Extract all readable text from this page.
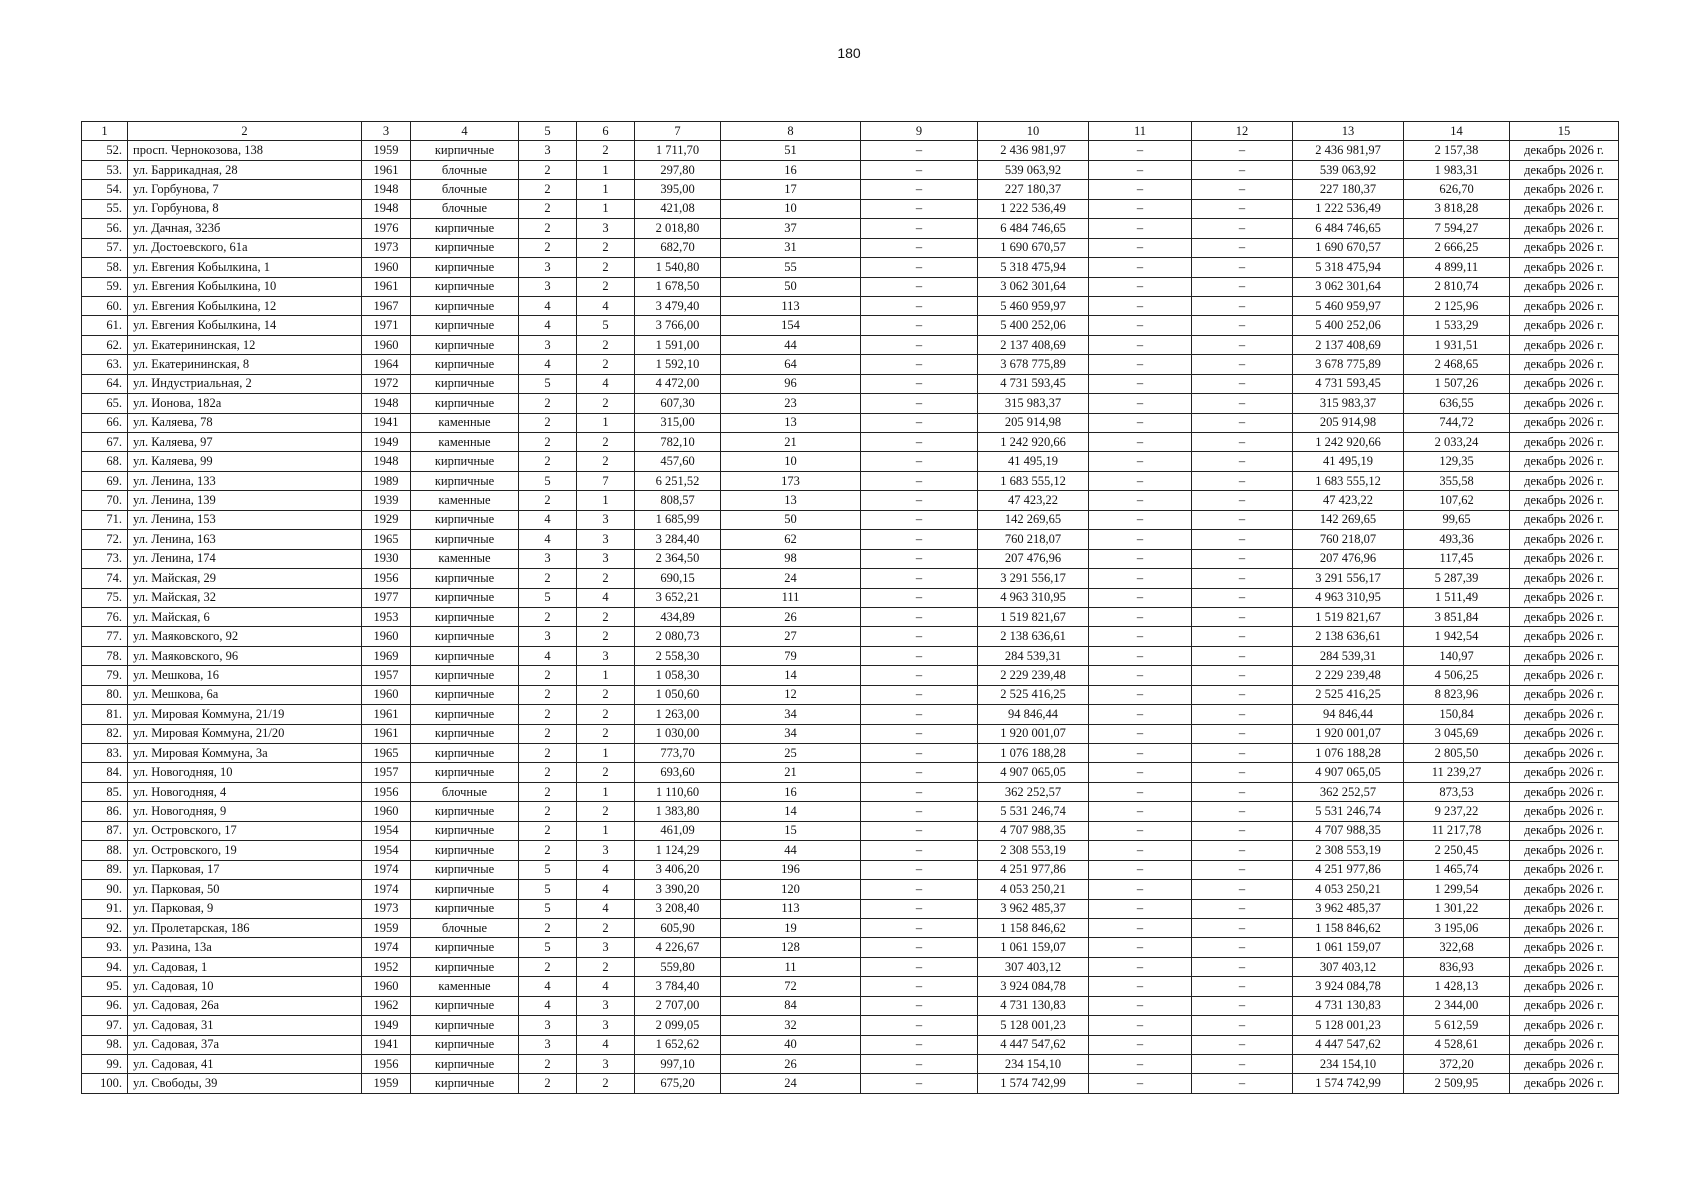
180
1	2	3	4	5	6	7	8	9	10	11	12	13	14	15
52.	просп. Чернокозова, 138	1959	кирпичные	3	2	1 711,70	51	–	2 436 981,97	–	–	2 436 981,97	2 157,38	декабрь 2026 г.
53.	ул. Баррикадная, 28	1961	блочные	2	1	297,80	16	–	539 063,92	–	–	539 063,92	1 983,31	декабрь 2026 г.
54.	ул. Горбунова, 7	1948	блочные	2	1	395,00	17	–	227 180,37	–	–	227 180,37	626,70	декабрь 2026 г.
55.	ул. Горбунова, 8	1948	блочные	2	1	421,08	10	–	1 222 536,49	–	–	1 222 536,49	3 818,28	декабрь 2026 г.
56.	ул. Дачная, 323б	1976	кирпичные	2	3	2 018,80	37	–	6 484 746,65	–	–	6 484 746,65	7 594,27	декабрь 2026 г.
57.	ул. Достоевского, 61а	1973	кирпичные	2	2	682,70	31	–	1 690 670,57	–	–	1 690 670,57	2 666,25	декабрь 2026 г.
58.	ул. Евгения Кобылкина, 1	1960	кирпичные	3	2	1 540,80	55	–	5 318 475,94	–	–	5 318 475,94	4 899,11	декабрь 2026 г.
59.	ул. Евгения Кобылкина, 10	1961	кирпичные	3	2	1 678,50	50	–	3 062 301,64	–	–	3 062 301,64	2 810,74	декабрь 2026 г.
60.	ул. Евгения Кобылкина, 12	1967	кирпичные	4	4	3 479,40	113	–	5 460 959,97	–	–	5 460 959,97	2 125,96	декабрь 2026 г.
61.	ул. Евгения Кобылкина, 14	1971	кирпичные	4	5	3 766,00	154	–	5 400 252,06	–	–	5 400 252,06	1 533,29	декабрь 2026 г.
62.	ул. Екатерининская, 12	1960	кирпичные	3	2	1 591,00	44	–	2 137 408,69	–	–	2 137 408,69	1 931,51	декабрь 2026 г.
63.	ул. Екатерининская, 8	1964	кирпичные	4	2	1 592,10	64	–	3 678 775,89	–	–	3 678 775,89	2 468,65	декабрь 2026 г.
64.	ул. Индустриальная, 2	1972	кирпичные	5	4	4 472,00	96	–	4 731 593,45	–	–	4 731 593,45	1 507,26	декабрь 2026 г.
65.	ул. Ионова, 182а	1948	кирпичные	2	2	607,30	23	–	315 983,37	–	–	315 983,37	636,55	декабрь 2026 г.
66.	ул. Каляева, 78	1941	каменные	2	1	315,00	13	–	205 914,98	–	–	205 914,98	744,72	декабрь 2026 г.
67.	ул. Каляева, 97	1949	каменные	2	2	782,10	21	–	1 242 920,66	–	–	1 242 920,66	2 033,24	декабрь 2026 г.
68.	ул. Каляева, 99	1948	кирпичные	2	2	457,60	10	–	41 495,19	–	–	41 495,19	129,35	декабрь 2026 г.
69.	ул. Ленина, 133	1989	кирпичные	5	7	6 251,52	173	–	1 683 555,12	–	–	1 683 555,12	355,58	декабрь 2026 г.
70.	ул. Ленина, 139	1939	каменные	2	1	808,57	13	–	47 423,22	–	–	47 423,22	107,62	декабрь 2026 г.
71.	ул. Ленина, 153	1929	кирпичные	4	3	1 685,99	50	–	142 269,65	–	–	142 269,65	99,65	декабрь 2026 г.
72.	ул. Ленина, 163	1965	кирпичные	4	3	3 284,40	62	–	760 218,07	–	–	760 218,07	493,36	декабрь 2026 г.
73.	ул. Ленина, 174	1930	каменные	3	3	2 364,50	98	–	207 476,96	–	–	207 476,96	117,45	декабрь 2026 г.
74.	ул. Майская, 29	1956	кирпичные	2	2	690,15	24	–	3 291 556,17	–	–	3 291 556,17	5 287,39	декабрь 2026 г.
75.	ул. Майская, 32	1977	кирпичные	5	4	3 652,21	111	–	4 963 310,95	–	–	4 963 310,95	1 511,49	декабрь 2026 г.
76.	ул. Майская, 6	1953	кирпичные	2	2	434,89	26	–	1 519 821,67	–	–	1 519 821,67	3 851,84	декабрь 2026 г.
77.	ул. Маяковского, 92	1960	кирпичные	3	2	2 080,73	27	–	2 138 636,61	–	–	2 138 636,61	1 942,54	декабрь 2026 г.
78.	ул. Маяковского, 96	1969	кирпичные	4	3	2 558,30	79	–	284 539,31	–	–	284 539,31	140,97	декабрь 2026 г.
79.	ул. Мешкова, 16	1957	кирпичные	2	1	1 058,30	14	–	2 229 239,48	–	–	2 229 239,48	4 506,25	декабрь 2026 г.
80.	ул. Мешкова, 6а	1960	кирпичные	2	2	1 050,60	12	–	2 525 416,25	–	–	2 525 416,25	8 823,96	декабрь 2026 г.
81.	ул. Мировая Коммуна, 21/19	1961	кирпичные	2	2	1 263,00	34	–	94 846,44	–	–	94 846,44	150,84	декабрь 2026 г.
82.	ул. Мировая Коммуна, 21/20	1961	кирпичные	2	2	1 030,00	34	–	1 920 001,07	–	–	1 920 001,07	3 045,69	декабрь 2026 г.
83.	ул. Мировая Коммуна, 3а	1965	кирпичные	2	1	773,70	25	–	1 076 188,28	–	–	1 076 188,28	2 805,50	декабрь 2026 г.
84.	ул. Новогодняя, 10	1957	кирпичные	2	2	693,60	21	–	4 907 065,05	–	–	4 907 065,05	11 239,27	декабрь 2026 г.
85.	ул. Новогодняя, 4	1956	блочные	2	1	1 110,60	16	–	362 252,57	–	–	362 252,57	873,53	декабрь 2026 г.
86.	ул. Новогодняя, 9	1960	кирпичные	2	2	1 383,80	14	–	5 531 246,74	–	–	5 531 246,74	9 237,22	декабрь 2026 г.
87.	ул. Островского, 17	1954	кирпичные	2	1	461,09	15	–	4 707 988,35	–	–	4 707 988,35	11 217,78	декабрь 2026 г.
88.	ул. Островского, 19	1954	кирпичные	2	3	1 124,29	44	–	2 308 553,19	–	–	2 308 553,19	2 250,45	декабрь 2026 г.
89.	ул. Парковая, 17	1974	кирпичные	5	4	3 406,20	196	–	4 251 977,86	–	–	4 251 977,86	1 465,74	декабрь 2026 г.
90.	ул. Парковая, 50	1974	кирпичные	5	4	3 390,20	120	–	4 053 250,21	–	–	4 053 250,21	1 299,54	декабрь 2026 г.
91.	ул. Парковая, 9	1973	кирпичные	5	4	3 208,40	113	–	3 962 485,37	–	–	3 962 485,37	1 301,22	декабрь 2026 г.
92.	ул. Пролетарская, 186	1959	блочные	2	2	605,90	19	–	1 158 846,62	–	–	1 158 846,62	3 195,06	декабрь 2026 г.
93.	ул. Разина, 13а	1974	кирпичные	5	3	4 226,67	128	–	1 061 159,07	–	–	1 061 159,07	322,68	декабрь 2026 г.
94.	ул. Садовая, 1	1952	кирпичные	2	2	559,80	11	–	307 403,12	–	–	307 403,12	836,93	декабрь 2026 г.
95.	ул. Садовая, 10	1960	каменные	4	4	3 784,40	72	–	3 924 084,78	–	–	3 924 084,78	1 428,13	декабрь 2026 г.
96.	ул. Садовая, 26а	1962	кирпичные	4	3	2 707,00	84	–	4 731 130,83	–	–	4 731 130,83	2 344,00	декабрь 2026 г.
97.	ул. Садовая, 31	1949	кирпичные	3	3	2 099,05	32	–	5 128 001,23	–	–	5 128 001,23	5 612,59	декабрь 2026 г.
98.	ул. Садовая, 37а	1941	кирпичные	3	4	1 652,62	40	–	4 447 547,62	–	–	4 447 547,62	4 528,61	декабрь 2026 г.
99.	ул. Садовая, 41	1956	кирпичные	2	3	997,10	26	–	234 154,10	–	–	234 154,10	372,20	декабрь 2026 г.
100.	ул. Свободы, 39	1959	кирпичные	2	2	675,20	24	–	1 574 742,99	–	–	1 574 742,99	2 509,95	декабрь 2026 г.
